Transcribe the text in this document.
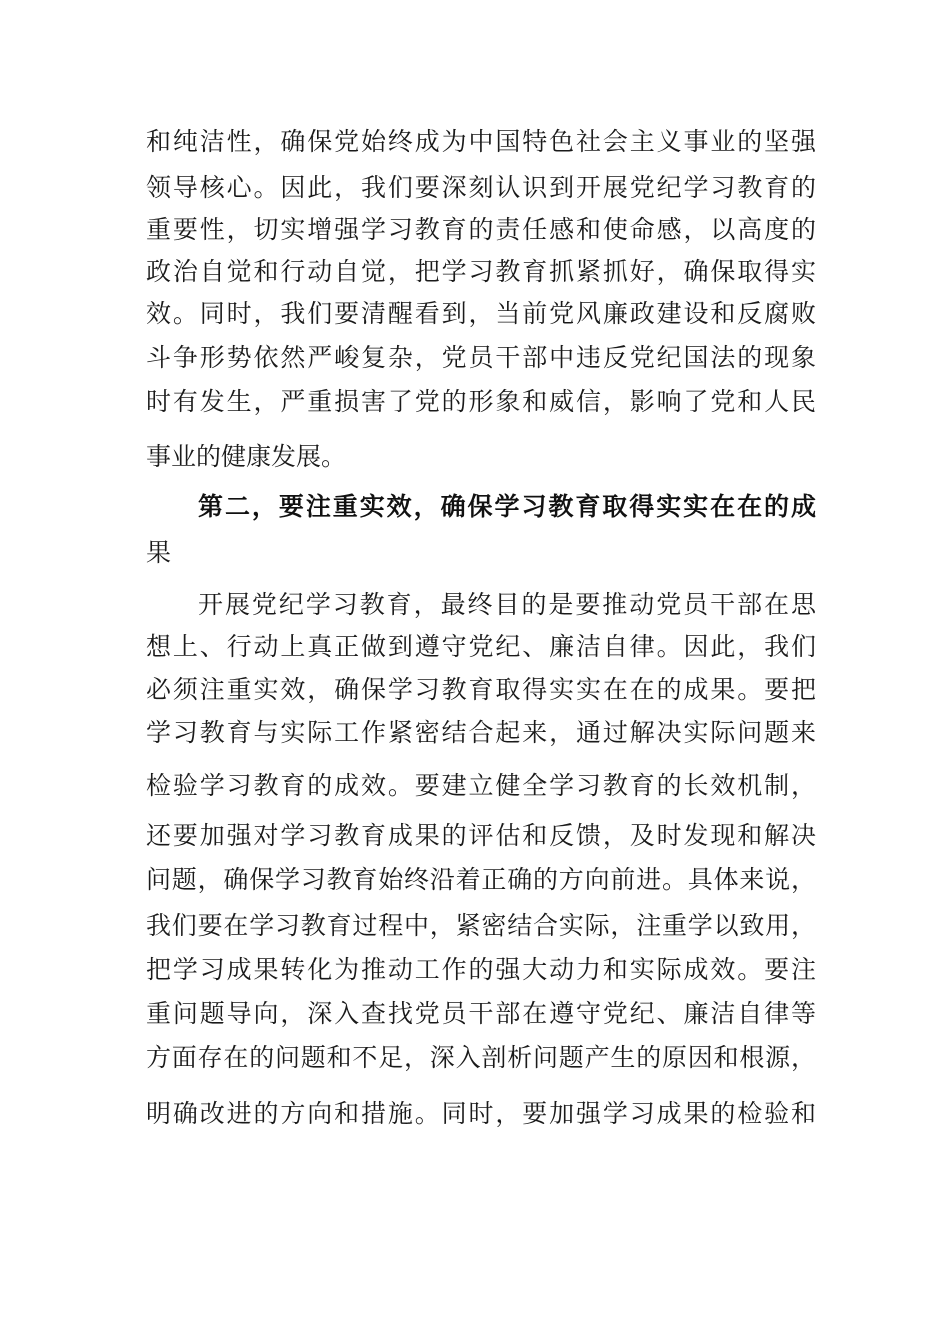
和纯洁性，确保党始终成为中国特色社会主义事业的坚强
领导核心。因此，我们要深刻认识到开展党纪学习教育的
重要性，切实增强学习教育的责任感和使命感，以高度的
政治自觉和行动自觉，把学习教育抓紧抓好，确保取得实
效。同时，我们要清醒看到，当前党风廉政建设和反腐败
斗争形势依然严峻复杂，党员干部中违反党纪国法的现象
时有发生，严重损害了党的形象和威信，影响了党和人民
事业的健康发展。
第二，要注重实效，确保学习教育取得实实在在的成
果
开展党纪学习教育，最终目的是要推动党员干部在思
想上、行动上真正做到遵守党纪、廉洁自律。因此，我们
必须注重实效，确保学习教育取得实实在在的成果。要把
学习教育与实际工作紧密结合起来，通过解决实际问题来
检验学习教育的成效。要建立健全学习教育的长效机制，
还要加强对学习教育成果的评估和反馈，及时发现和解决
问题，确保学习教育始终沿着正确的方向前进。具体来说，
我们要在学习教育过程中，紧密结合实际，注重学以致用，
把学习成果转化为推动工作的强大动力和实际成效。要注
重问题导向，深入查找党员干部在遵守党纪、廉洁自律等
方面存在的问题和不足，深入剖析问题产生的原因和根源，
明确改进的方向和措施。同时，要加强学习成果的检验和
